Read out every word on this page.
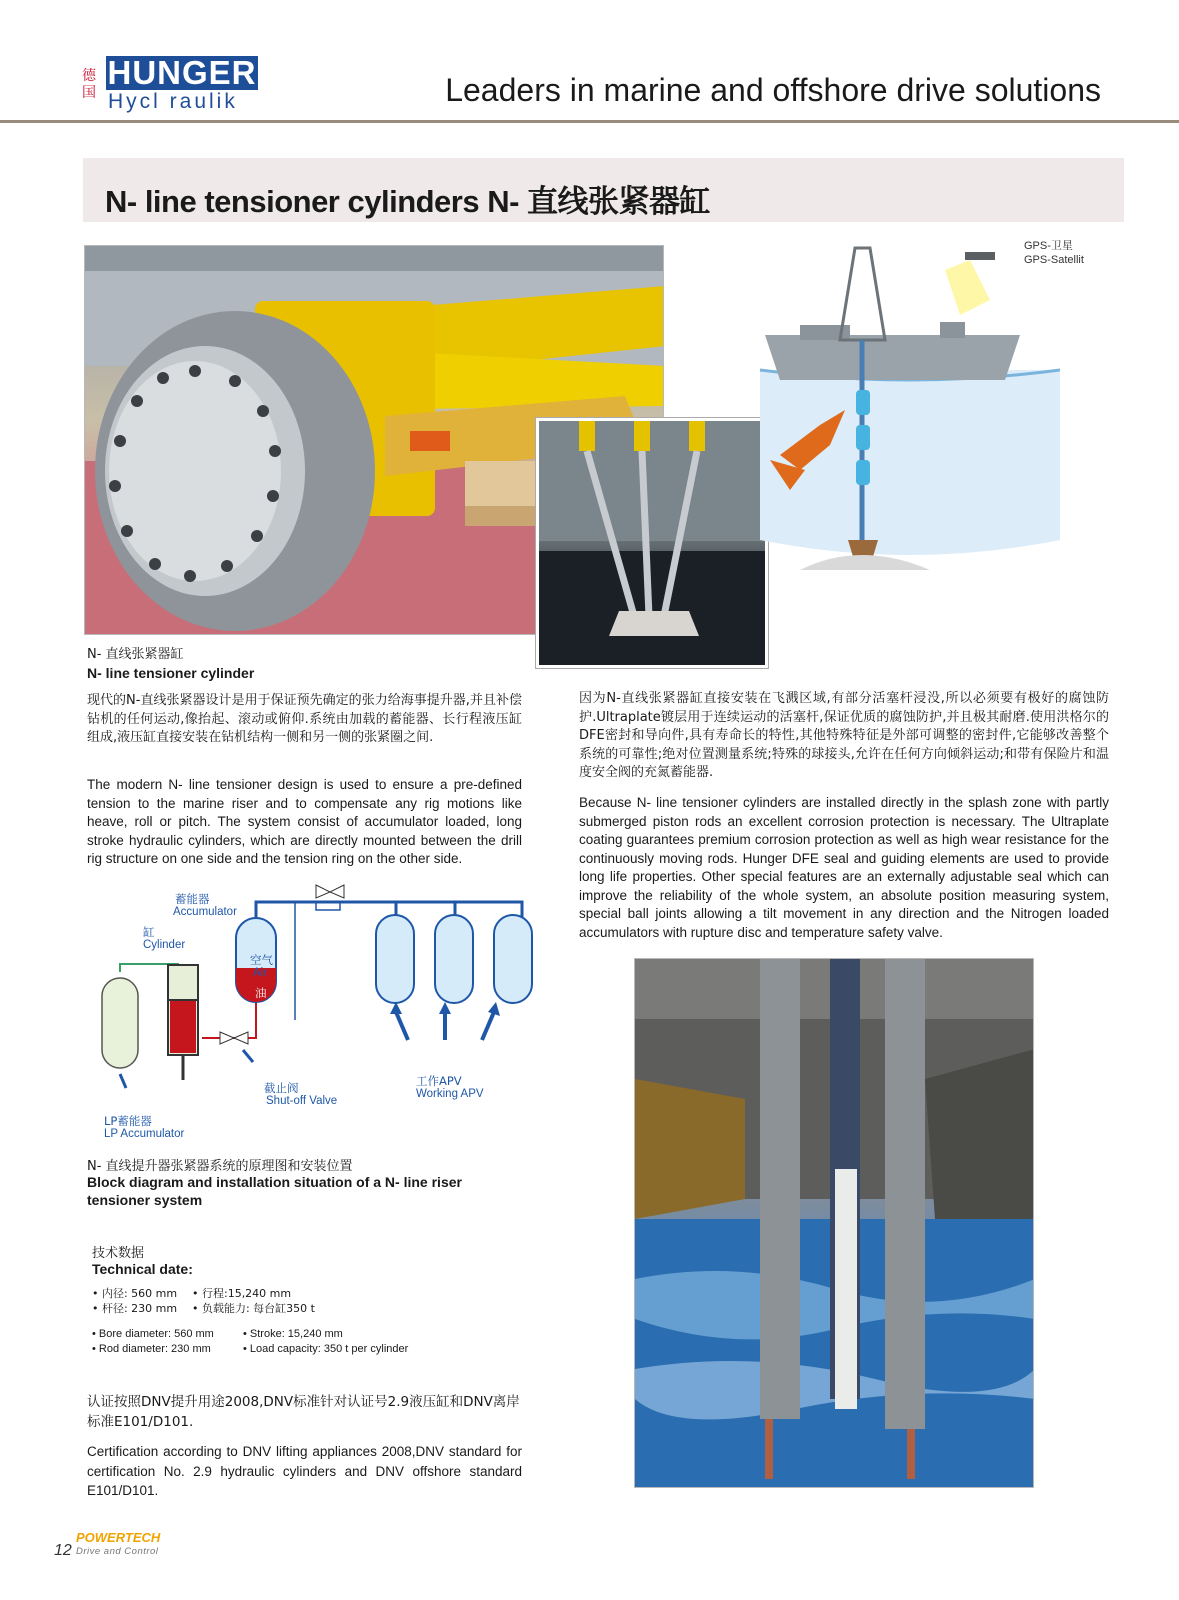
德国
HUNGER
Hycl raulik	Leaders in marine and offshore drive solutions
N- line tensioner cylinders N- 直线张紧器缸
GPS-卫星
GPS-Satellit
N- 直线张紧器缸
N- line tensioner cylinder
现代的N-直线张紧器设计是用于保证预先确定的张力给海事提升器,并且补偿钻机的任何运动,像抬起、滚动或俯仰.系统由加载的蓄能器、长行程液压缸组成,液压缸直接安装在钻机结构一侧和另一侧的张紧圈之间.
The modern N- line tensioner design is used to ensure a pre-defined tension to the marine riser and to compensate any rig motions like heave, roll or pitch. The system consist of accumulator loaded, long stroke hydraulic cylinders, which are directly mounted between the drill rig structure on one side and the tension ring on the other side.
因为N-直线张紧器缸直接安装在飞溅区域,有部分活塞杆浸没,所以必须要有极好的腐蚀防护.Ultraplate镀层用于连续运动的活塞杆,保证优质的腐蚀防护,并且极其耐磨.使用洪格尔的DFE密封和导向件,具有寿命长的特性,其他特殊特征是外部可调整的密封件,它能够改善整个系统的可靠性;绝对位置测量系统;特殊的球接头,允许在任何方向倾斜运动;和带有保险片和温度安全阀的充氮蓄能器.
Because N- line tensioner cylinders are installed directly in the splash zone with partly submerged piston rods an excellent corrosion protection is necessary. The Ultraplate coating guarantees premium corrosion protection as well as high wear resistance for the continuously moving rods. Hunger DFE seal and guiding elements are used to provide long life properties. Other special features are an externally adjustable seal which can improve the reliability of the whole system, an absolute position measuring system, special ball joints allowing a tilt movement in any direction and the Nitrogen loaded accumulators with rupture disc and temperature safety valve.
蓄能器
Accumulator
缸
Cylinder
空气
Air
油
截止阀
Shut-off Valve
工作APV
Working APV
LP蓄能器
LP Accumulator
N- 直线提升器张紧器系统的原理图和安装位置
Block diagram and installation situation of a N- line riser tensioner system
技术数据
Technical date:
• 内径: 560 mm • 行程:15,240 mm
• 杆径: 230 mm • 负载能力: 每台缸350 t
• Bore diameter: 560 mm	• Stroke: 15,240 mm
• Rod diameter: 230 mm	• Load capacity: 350 t per cylinder
认证按照DNV提升用途2008,DNV标准针对认证号2.9液压缸和DNV离岸标准E101/D101.
Certification according to DNV lifting appliances 2008,DNV standard for certification No. 2.9 hydraulic cylinders and DNV offshore standard E101/D101.
12
POWERTECH
Drive and Control
